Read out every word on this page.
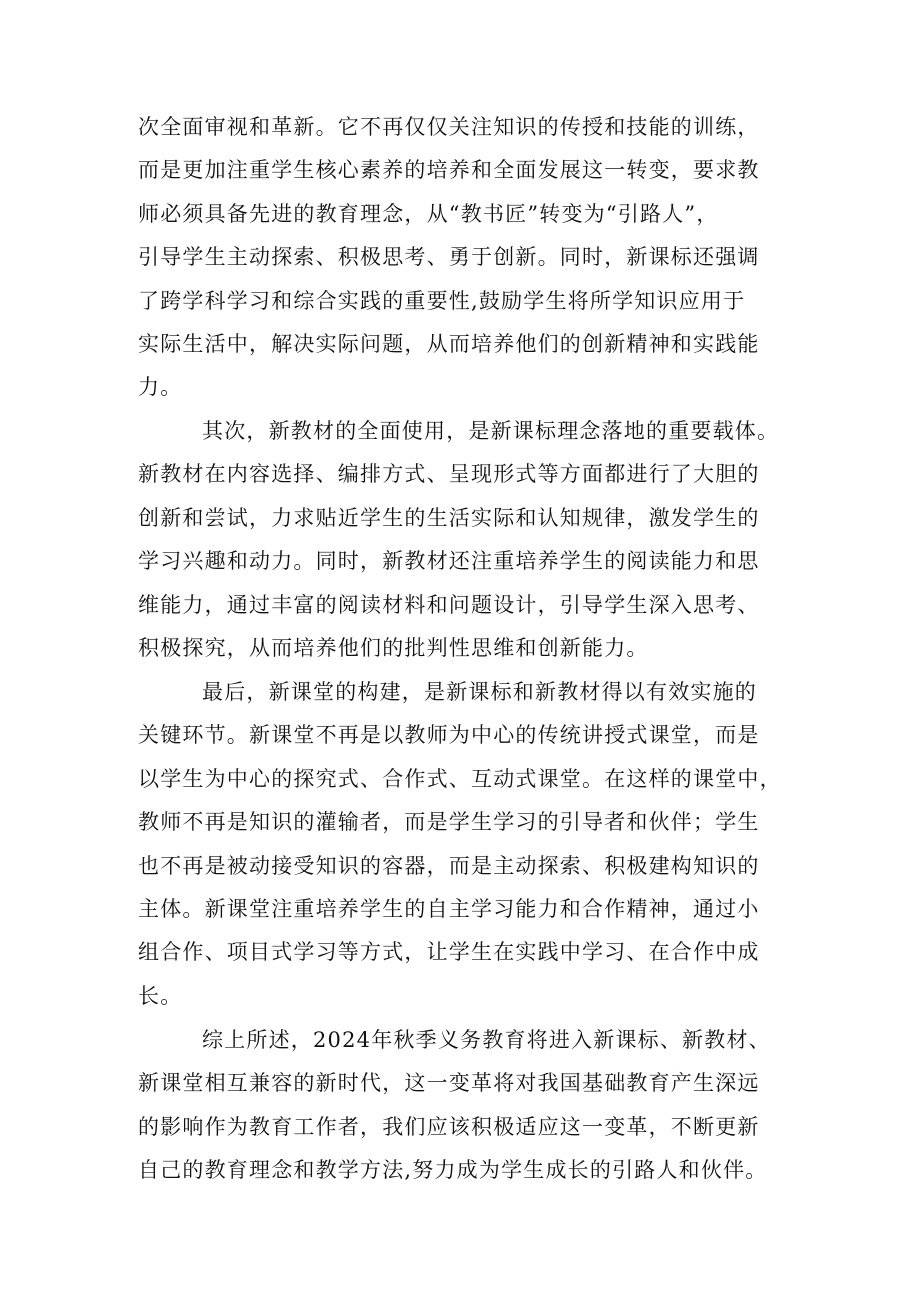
次全面审视和革新。它不再仅仅关注知识的传授和技能的训练，
而是更加注重学生核心素养的培养和全面发展这一转变，要求教
师必须具备先进的教育理念，从“教书匠”转变为“引路人”，
引导学生主动探索、积极思考、勇于创新。同时，新课标还强调
了跨学科学习和综合实践的重要性,鼓励学生将所学知识应用于
实际生活中，解决实际问题，从而培养他们的创新精神和实践能
力。
其次，新教材的全面使用，是新课标理念落地的重要载体。
新教材在内容选择、编排方式、呈现形式等方面都进行了大胆的
创新和尝试，力求贴近学生的生活实际和认知规律，激发学生的
学习兴趣和动力。同时，新教材还注重培养学生的阅读能力和思
维能力，通过丰富的阅读材料和问题设计，引导学生深入思考、
积极探究，从而培养他们的批判性思维和创新能力。
最后，新课堂的构建，是新课标和新教材得以有效实施的
关键环节。新课堂不再是以教师为中心的传统讲授式课堂，而是
以学生为中心的探究式、合作式、互动式课堂。在这样的课堂中，
教师不再是知识的灌输者，而是学生学习的引导者和伙伴；学生
也不再是被动接受知识的容器，而是主动探索、积极建构知识的
主体。新课堂注重培养学生的自主学习能力和合作精神，通过小
组合作、项目式学习等方式，让学生在实践中学习、在合作中成
长。
综上所述，2024年秋季义务教育将进入新课标、新教材、
新课堂相互兼容的新时代，这一变革将对我国基础教育产生深远
的影响作为教育工作者，我们应该积极适应这一变革，不断更新
自己的教育理念和教学方法,努力成为学生成长的引路人和伙伴。
